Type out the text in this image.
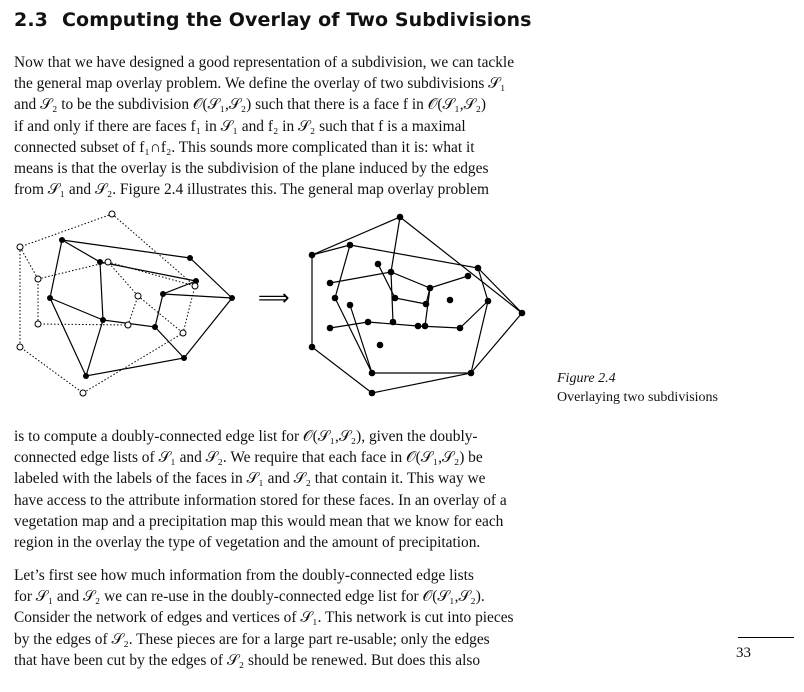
2.3 Computing the Overlay of Two Subdivisions

Now that we have designed a good representation of a subdivision, we can tackle
the general map overlay problem. We define the overlay of two subdivisions 𝒮₁
and 𝒮₂ to be the subdivision 𝒪(𝒮₁,𝒮₂) such that there is a face f in 𝒪(𝒮₁,𝒮₂)
if and only if there are faces f₁ in 𝒮₁ and f₂ in 𝒮₂ such that f is a maximal
connected subset of f₁∩f₂. This sounds more complicated than it is: what it
means is that the overlay is the subdivision of the plane induced by the edges
from 𝒮₁ and 𝒮₂. Figure 2.4 illustrates this. The general map overlay problem

⟹
Figure 2.4
Overlaying two subdivisions

is to compute a doubly-connected edge list for 𝒪(𝒮₁,𝒮₂), given the doubly-
connected edge lists of 𝒮₁ and 𝒮₂. We require that each face in 𝒪(𝒮₁,𝒮₂) be
labeled with the labels of the faces in 𝒮₁ and 𝒮₂ that contain it. This way we
have access to the attribute information stored for these faces. In an overlay of a
vegetation map and a precipitation map this would mean that we know for each
region in the overlay the type of vegetation and the amount of precipitation.

Let’s first see how much information from the doubly-connected edge lists
for 𝒮₁ and 𝒮₂ we can re-use in the doubly-connected edge list for 𝒪(𝒮₁,𝒮₂).
Consider the network of edges and vertices of 𝒮₁. This network is cut into pieces
by the edges of 𝒮₂. These pieces are for a large part re-usable; only the edges
that have been cut by the edges of 𝒮₂ should be renewed. But does this also	33
